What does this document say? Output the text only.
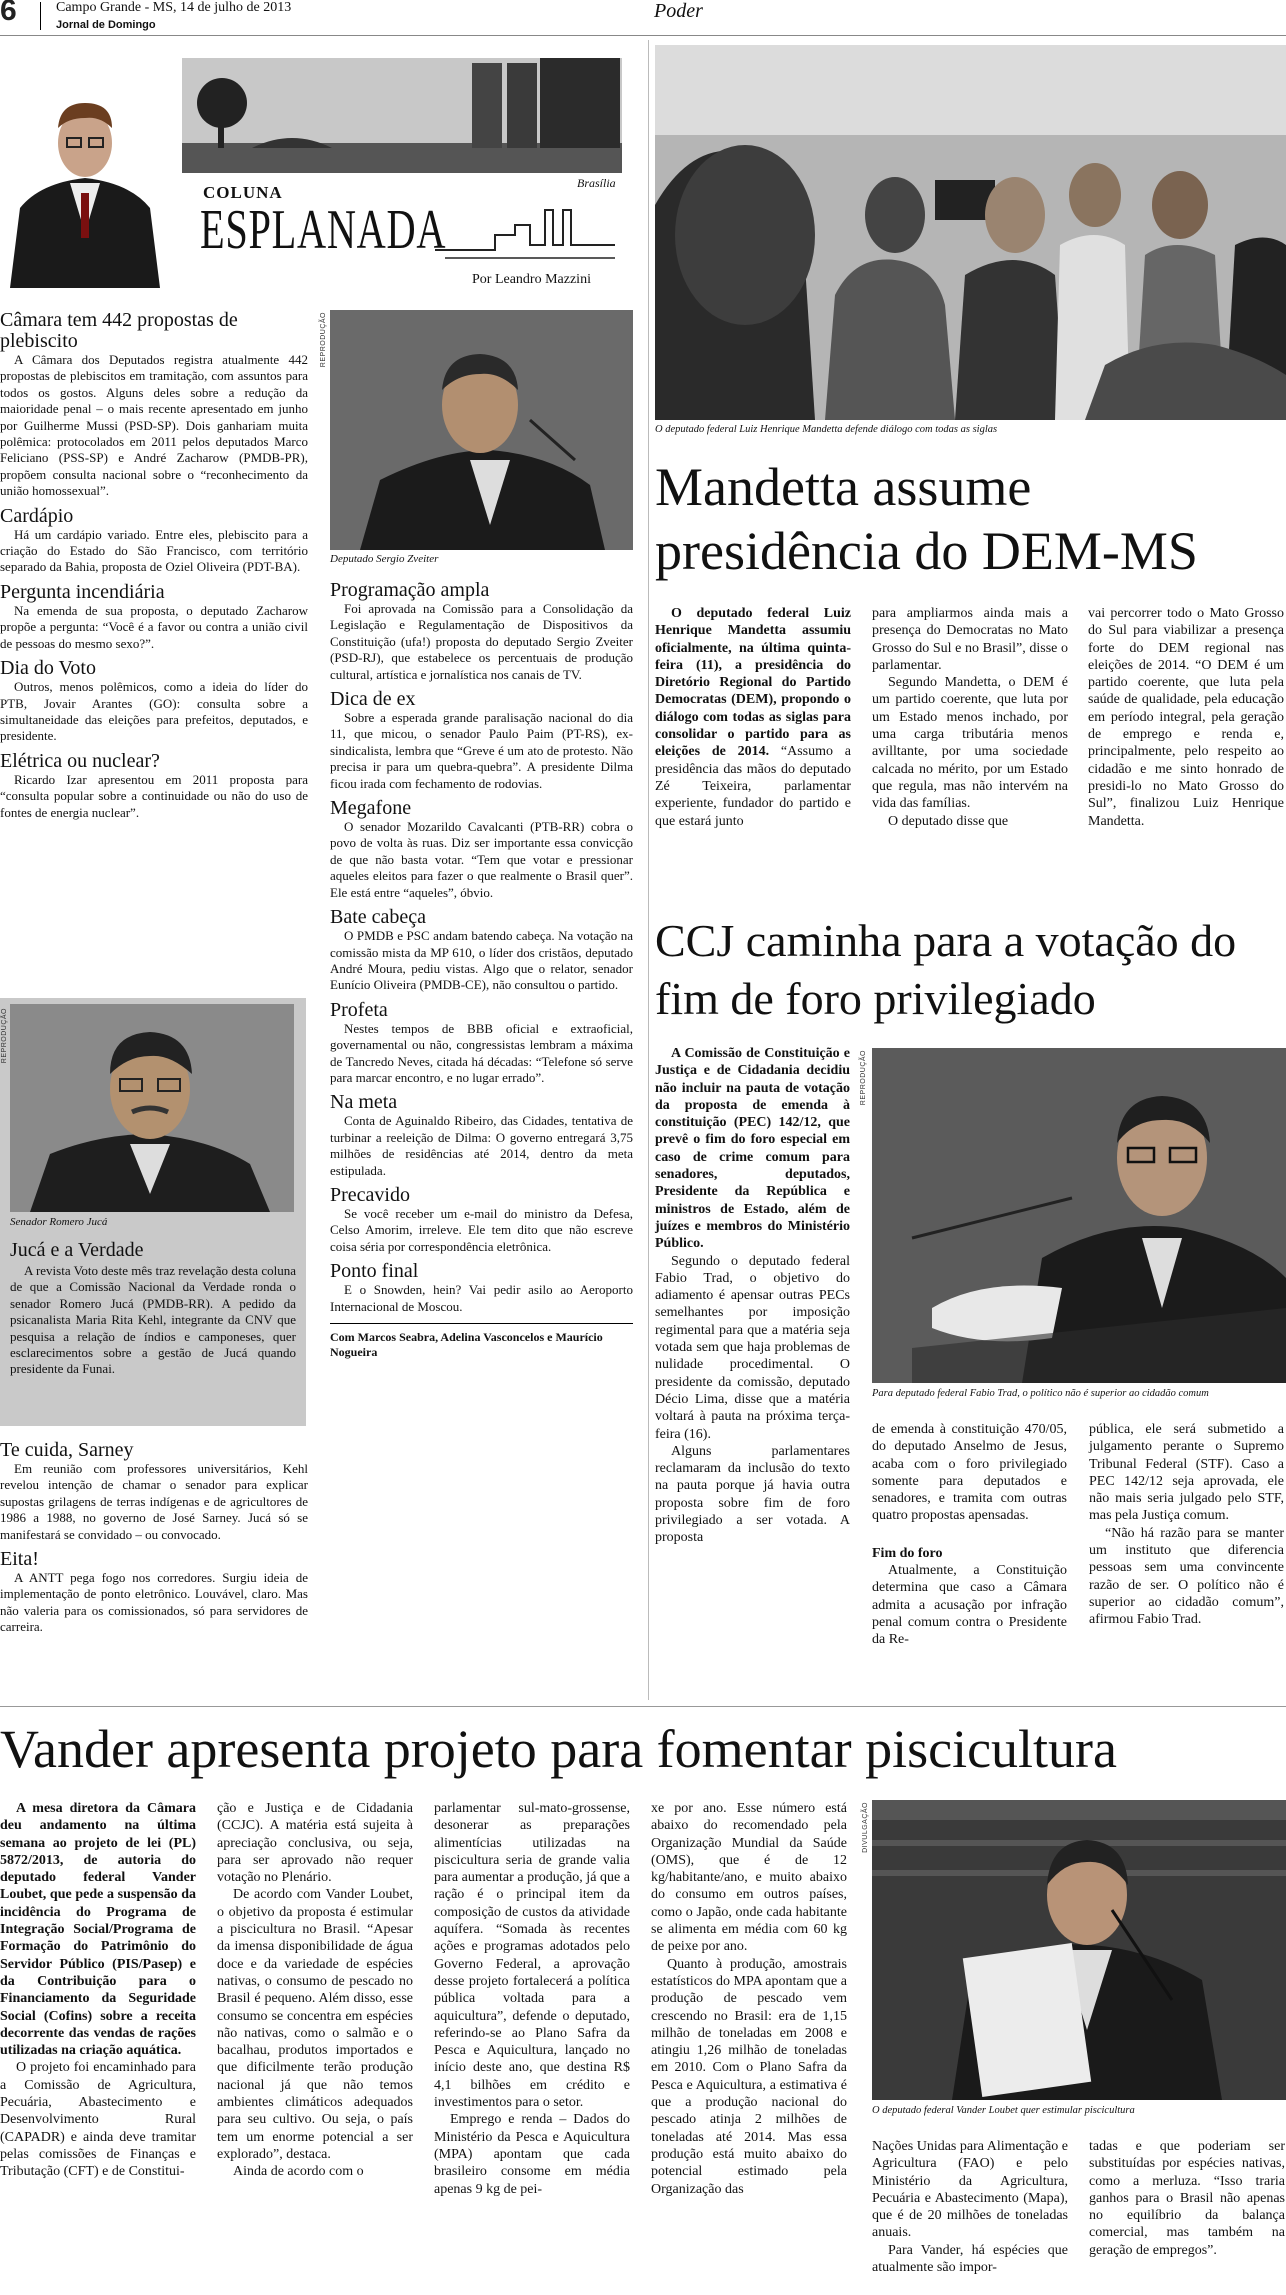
6	Campo Grande - MS, 14 de julho de 2013
Jornal de Domingo
Poder
Brasília
COLUNA
ESPLANADA
Por Leandro Mazzini
Câmara tem 442 propostas de plebiscito

A Câmara dos Deputados registra atualmente 442 propostas de plebiscitos em tramitação, com assuntos para todos os gostos. Alguns deles sobre a redução da maioridade penal – o mais recente apresentado em junho por Guilherme Mussi (PSD-SP). Dois ganhariam muita polêmica: protocolados em 2011 pelos deputados Marco Feliciano (PSS-SP) e André Zacharow (PMDB-PR), propõem consulta nacional sobre o “reconhecimento da união homossexual”.

Cardápio

Há um cardápio variado. Entre eles, plebiscito para a criação do Estado do São Francisco, com território separado da Bahia, proposta de Oziel Oliveira (PDT-BA).

Pergunta incendiária

Na emenda de sua proposta, o deputado Zacharow propõe a pergunta: “Você é a favor ou contra a união civil de pessoas do mesmo sexo?”.

Dia do Voto

Outros, menos polêmicos, como a ideia do líder do PTB, Jovair Arantes (GO): consulta sobre a simultaneidade das eleições para prefeitos, deputados, e presidente.

Elétrica ou nuclear?

Ricardo Izar apresentou em 2011 proposta para “consulta popular sobre a continuidade ou não do uso de fontes de energia nuclear”.

REPRODUÇÃO
Senador Romero Jucá
Jucá e a Verdade

A revista Voto deste mês traz revelação desta coluna de que a Comissão Nacional da Verdade ronda o senador Romero Jucá (PMDB-RR). A pedido da psicanalista Maria Rita Kehl, integrante da CNV que pesquisa a relação de índios e camponeses, quer esclarecimentos sobre a gestão de Jucá quando presidente da Funai.

Te cuida, Sarney

Em reunião com professores universitários, Kehl revelou intenção de chamar o senador para explicar supostas grilagens de terras indígenas e de agricultores de 1986 a 1988, no governo de José Sarney. Jucá só se manifestará se convidado – ou convocado.

Eita!

A ANTT pega fogo nos corredores. Surgiu ideia de implementação de ponto eletrônico. Louvável, claro. Mas não valeria para os comissionados, só para servidores de carreira.

REPRODUÇÃO
Deputado Sergio Zveiter
Programação ampla

Foi aprovada na Comissão para a Consolidação da Legislação e Regulamentação de Dispositivos da Constituição (ufa!) proposta do deputado Sergio Zveiter (PSD-RJ), que estabelece os percentuais de produção cultural, artística e jornalística nos canais de TV.

Dica de ex

Sobre a esperada grande paralisação nacional do dia 11, que micou, o senador Paulo Paim (PT-RS), ex-sindicalista, lembra que “Greve é um ato de protesto. Não precisa ir para um quebra-quebra”. A presidente Dilma ficou irada com fechamento de rodovias.

Megafone

O senador Mozarildo Cavalcanti (PTB-RR) cobra o povo de volta às ruas. Diz ser importante essa convicção de que não basta votar. “Tem que votar e pressionar aqueles eleitos para fazer o que realmente o Brasil quer”. Ele está entre “aqueles”, óbvio.

Bate cabeça

O PMDB e PSC andam batendo cabeça. Na votação na comissão mista da MP 610, o líder dos cristãos, deputado André Moura, pediu vistas. Algo que o relator, senador Eunício Oliveira (PMDB-CE), não consultou o partido.

Profeta

Nestes tempos de BBB oficial e extraoficial, governamental ou não, congressistas lembram a máxima de Tancredo Neves, citada há décadas: “Telefone só serve para marcar encontro, e no lugar errado”.

Na meta

Conta de Aguinaldo Ribeiro, das Cidades, tentativa de turbinar a reeleição de Dilma: O governo entregará 3,75 milhões de residências até 2014, dentro da meta estipulada.

Precavido

Se você receber um e-mail do ministro da Defesa, Celso Amorim, irreleve. Ele tem dito que não escreve coisa séria por correspondência eletrônica.

Ponto final

E o Snowden, hein? Vai pedir asilo ao Aeroporto Internacional de Moscou.

Com Marcos Seabra, Adelina Vasconcelos e Maurício Nogueira

O deputado federal Luiz Henrique Mandetta defende diálogo com todas as siglas
Mandetta assume presidência do DEM-MS

O deputado federal Luiz Henrique Mandetta assumiu oficialmente, na última quinta-feira (11), a presidência do Diretório Regional do Partido Democratas (DEM), propondo o diálogo com todas as siglas para consolidar o partido para as eleições de 2014. “Assumo a presidência das mãos do deputado Zé Teixeira, parlamentar experiente, fundador do partido e que estará junto

para ampliarmos ainda mais a presença do Democratas no Mato Grosso do Sul e no Brasil”, disse o parlamentar.

Segundo Mandetta, o DEM é um partido coerente, que luta por um Estado menos inchado, por uma carga tributária menos avilltante, por uma sociedade calcada no mérito, por um Estado que regula, mas não intervém na vida das famílias.

O deputado disse que

vai percorrer todo o Mato Grosso do Sul para viabilizar a presença forte do DEM regional nas eleições de 2014. “O DEM é um partido coerente, que luta pela saúde de qualidade, pela educação em período integral, pela geração de emprego e renda e, principalmente, pelo respeito ao cidadão e me sinto honrado de presidi-lo no Mato Grosso do Sul”, finalizou Luiz Henrique Mandetta.

CCJ caminha para a votação do fim de foro privilegiado

A Comissão de Constituição e Justiça e de Cidadania decidiu não incluir na pauta de votação da proposta de emenda à constituição (PEC) 142/12, que prevê o fim do foro especial em caso de crime comum para senadores, deputados, Presidente da República e ministros de Estado, além de juízes e membros do Ministério Público.

Segundo o deputado federal Fabio Trad, o objetivo do adiamento é apensar outras PECs semelhantes por imposição regimental para que a matéria seja votada sem que haja problemas de nulidade procedimental. O presidente da comissão, deputado Décio Lima, disse que a matéria voltará à pauta na próxima terça-feira (16).

Alguns parlamentares reclamaram da inclusão do texto na pauta porque já havia outra proposta sobre fim de foro privilegiado a ser votada. A proposta

REPRODUÇÃO
Para deputado federal Fabio Trad, o político não é superior ao cidadão comum

de emenda à constituição 470/05, do deputado Anselmo de Jesus, acaba com o foro privilegiado somente para deputados e senadores, e tramita com outras quatro propostas apensadas.

Fim do foro

Atualmente, a Constituição determina que caso a Câmara admita a acusação por infração penal comum contra o Presidente da Re-

pública, ele será submetido a julgamento perante o Supremo Tribunal Federal (STF). Caso a PEC 142/12 seja aprovada, ele não mais seria julgado pelo STF, mas pela Justiça comum.

“Não há razão para se manter um instituto que diferencia pessoas sem uma convincente razão de ser. O político não é superior ao cidadão comum”, afirmou Fabio Trad.

Vander apresenta projeto para fomentar piscicultura

A mesa diretora da Câmara deu andamento na última semana ao projeto de lei (PL) 5872/2013, de autoria do deputado federal Vander Loubet, que pede a suspensão da incidência do Programa de Integração Social/Programa de Formação do Patrimônio do Servidor Público (PIS/Pasep) e da Contribuição para o Financiamento da Seguridade Social (Cofins) sobre a receita decorrente das vendas de rações utilizadas na criação aquática.

O projeto foi encaminhado para a Comissão de Agricultura, Pecuária, Abastecimento e Desenvolvimento Rural (CAPADR) e ainda deve tramitar pelas comissões de Finanças e Tributação (CFT) e de Constitui-

ção e Justiça e de Cidadania (CCJC). A matéria está sujeita à apreciação conclusiva, ou seja, para ser aprovado não requer votação no Plenário.

De acordo com Vander Loubet, o objetivo da proposta é estimular a piscicultura no Brasil. “Apesar da imensa disponibilidade de água doce e da variedade de espécies nativas, o consumo de pescado no Brasil é pequeno. Além disso, esse consumo se concentra em espécies não nativas, como o salmão e o bacalhau, produtos importados e que dificilmente terão produção nacional já que não temos ambientes climáticos adequados para seu cultivo. Ou seja, o país tem um enorme potencial a ser explorado”, destaca.

Ainda de acordo com o

parlamentar sul-mato-grossense, desonerar as preparações alimentícias utilizadas na piscicultura seria de grande valia para aumentar a produção, já que a ração é o principal item da composição de custos da atividade aquífera. “Somada às recentes ações e programas adotados pelo Governo Federal, a aprovação desse projeto fortalecerá a política pública voltada para a aquicultura”, defende o deputado, referindo-se ao Plano Safra da Pesca e Aquicultura, lançado no início deste ano, que destina R$ 4,1 bilhões em crédito e investimentos para o setor.

Emprego e renda – Dados do Ministério da Pesca e Aquicultura (MPA) apontam que cada brasileiro consome em média apenas 9 kg de pei-

xe por ano. Esse número está abaixo do recomendado pela Organização Mundial da Saúde (OMS), que é de 12 kg/habitante/ano, e muito abaixo do consumo em outros países, como o Japão, onde cada habitante se alimenta em média com 60 kg de peixe por ano.

Quanto à produção, amostrais estatísticos do MPA apontam que a produção de pescado vem crescendo no Brasil: era de 1,15 milhão de toneladas em 2008 e atingiu 1,26 milhão de toneladas em 2010. Com o Plano Safra da Pesca e Aquicultura, a estimativa é que a produção nacional do pescado atinja 2 milhões de toneladas até 2014. Mas essa produção está muito abaixo do potencial estimado pela Organização das

DIVULGAÇÃO
O deputado federal Vander Loubet quer estimular piscicultura

Nações Unidas para Alimentação e Agricultura (FAO) e pelo Ministério da Agricultura, Pecuária e Abastecimento (Mapa), que é de 20 milhões de toneladas anuais.

Para Vander, há espécies que atualmente são impor-

tadas e que poderiam ser substituídas por espécies nativas, como a merluza. “Isso traria ganhos para o Brasil não apenas no equilíbrio da balança comercial, mas também na geração de empregos”.
